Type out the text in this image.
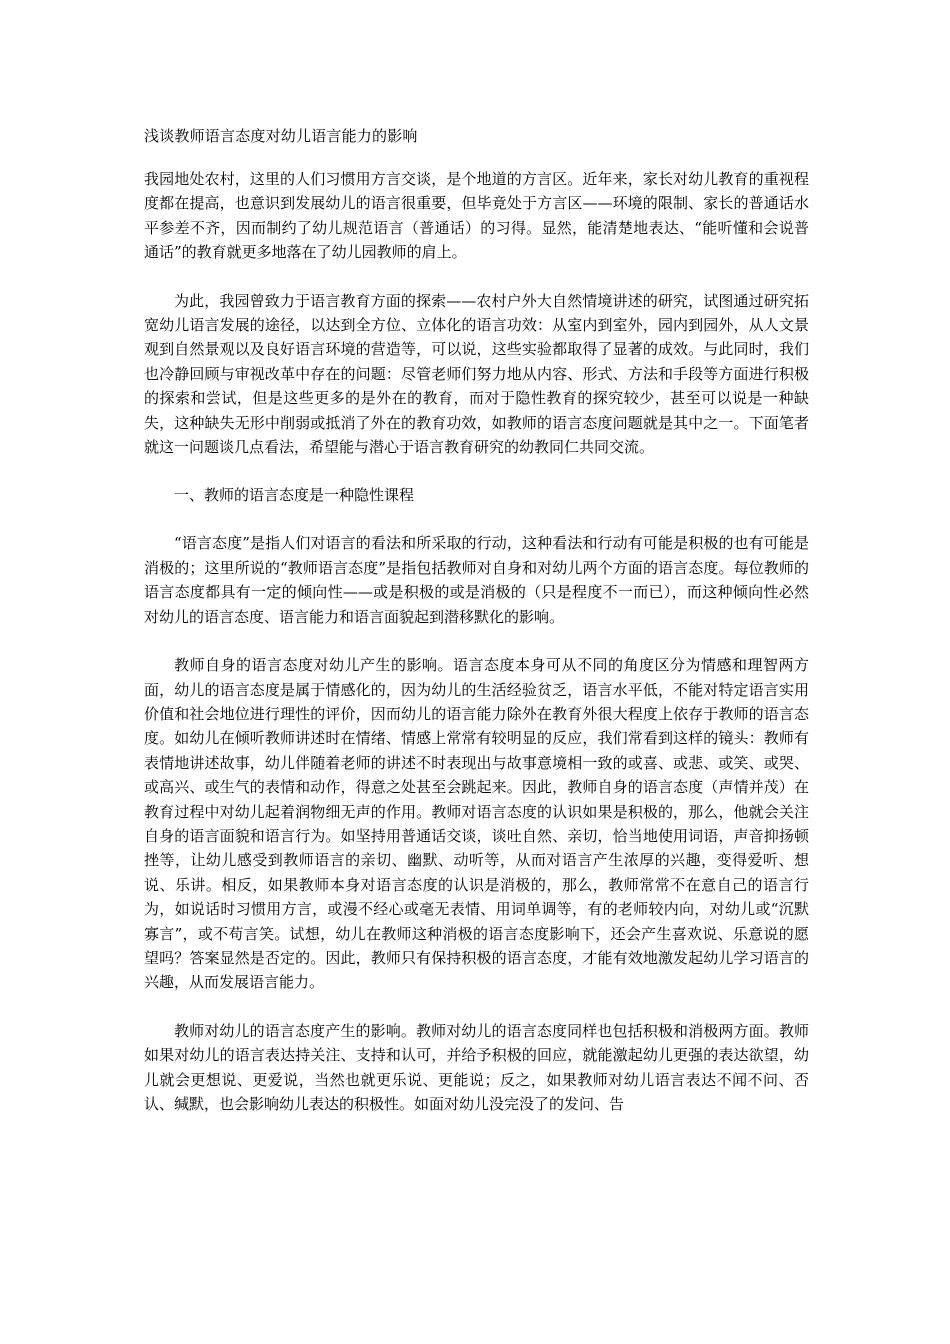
浅谈教师语言态度对幼儿语言能力的影响

我园地处农村，这里的人们习惯用方言交谈，是个地道的方言区。近年来，家长对幼儿教育的重视程度都在提高，也意识到发展幼儿的语言很重要，但毕竟处于方言区——环境的限制、家长的普通话水平参差不齐，因而制约了幼儿规范语言（普通话）的习得。显然，能清楚地表达、“能听懂和会说普通话”的教育就更多地落在了幼儿园教师的肩上。

为此，我园曾致力于语言教育方面的探索——农村户外大自然情境讲述的研究，试图通过研究拓宽幼儿语言发展的途径，以达到全方位、立体化的语言功效：从室内到室外，园内到园外，从人文景观到自然景观以及良好语言环境的营造等，可以说，这些实验都取得了显著的成效。与此同时，我们也冷静回顾与审视改革中存在的问题：尽管老师们努力地从内容、形式、方法和手段等方面进行积极的探索和尝试，但是这些更多的是外在的教育，而对于隐性教育的探究较少，甚至可以说是一种缺失，这种缺失无形中削弱或抵消了外在的教育功效，如教师的语言态度问题就是其中之一。下面笔者就这一问题谈几点看法，希望能与潜心于语言教育研究的幼教同仁共同交流。

一、教师的语言态度是一种隐性课程

“语言态度”是指人们对语言的看法和所采取的行动，这种看法和行动有可能是积极的也有可能是消极的；这里所说的“教师语言态度”是指包括教师对自身和对幼儿两个方面的语言态度。每位教师的语言态度都具有一定的倾向性——或是积极的或是消极的（只是程度不一而已），而这种倾向性必然对幼儿的语言态度、语言能力和语言面貌起到潜移默化的影响。

教师自身的语言态度对幼儿产生的影响。语言态度本身可从不同的角度区分为情感和理智两方面，幼儿的语言态度是属于情感化的，因为幼儿的生活经验贫乏，语言水平低，不能对特定语言实用价值和社会地位进行理性的评价，因而幼儿的语言能力除外在教育外很大程度上依存于教师的语言态度。如幼儿在倾听教师讲述时在情绪、情感上常常有较明显的反应，我们常看到这样的镜头：教师有表情地讲述故事，幼儿伴随着老师的讲述不时表现出与故事意境相一致的或喜、或悲、或笑、或哭、或高兴、或生气的表情和动作，得意之处甚至会跳起来。因此，教师自身的语言态度（声情并茂）在教育过程中对幼儿起着润物细无声的作用。教师对语言态度的认识如果是积极的，那么，他就会关注自身的语言面貌和语言行为。如坚持用普通话交谈，谈吐自然、亲切，恰当地使用词语，声音抑扬顿挫等，让幼儿感受到教师语言的亲切、幽默、动听等，从而对语言产生浓厚的兴趣，变得爱听、想说、乐讲。相反，如果教师本身对语言态度的认识是消极的，那么，教师常常不在意自己的语言行为，如说话时习惯用方言，或漫不经心或毫无表情、用词单调等，有的老师较内向，对幼儿或“沉默寡言”，或不苟言笑。试想，幼儿在教师这种消极的语言态度影响下，还会产生喜欢说、乐意说的愿望吗？答案显然是否定的。因此，教师只有保持积极的语言态度，才能有效地激发起幼儿学习语言的兴趣，从而发展语言能力。

教师对幼儿的语言态度产生的影响。教师对幼儿的语言态度同样也包括积极和消极两方面。教师如果对幼儿的语言表达持关注、支持和认可，并给予积极的回应，就能激起幼儿更强的表达欲望，幼儿就会更想说、更爱说，当然也就更乐说、更能说；反之，如果教师对幼儿语言表达不闻不问、否认、缄默，也会影响幼儿表达的积极性。如面对幼儿没完没了的发问、告
